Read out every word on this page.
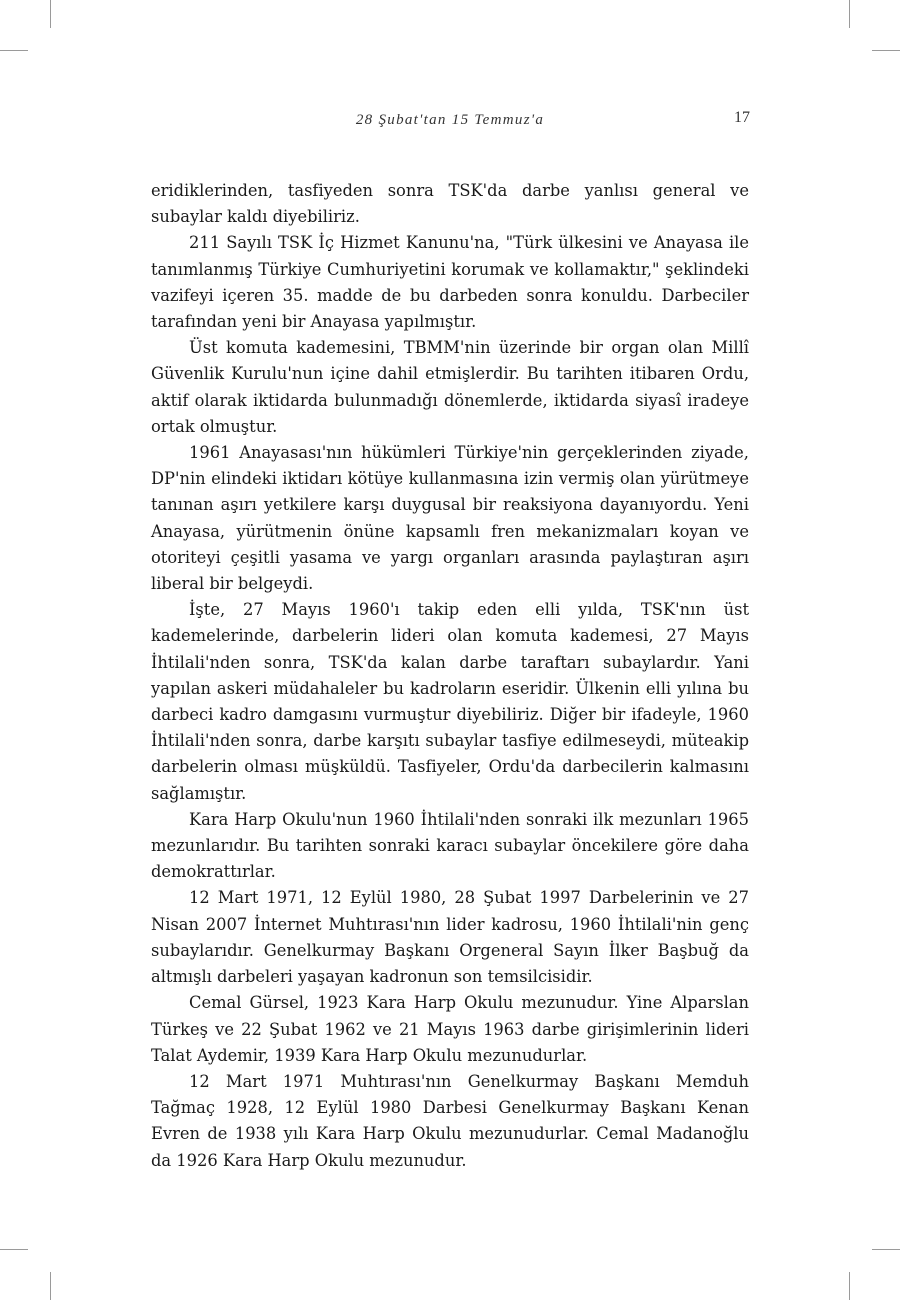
28 Şubat'tan 15 Temmuz'a	17

eridiklerinden, tasfiyeden sonra TSK'da darbe yanlısı general ve subaylar kaldı diyebiliriz.

211 Sayılı TSK İç Hizmet Kanunu'na, "Türk ülkesini ve Anayasa ile tanımlanmış Türkiye Cumhuriyetini korumak ve kollamaktır," şeklindeki vazifeyi içeren 35. madde de bu darbeden sonra konuldu. Darbeciler tarafından yeni bir Anayasa yapılmıştır.

Üst komuta kademesini, TBMM'nin üzerinde bir organ olan Millî Güvenlik Kurulu'nun içine dahil etmişlerdir. Bu tarihten itibaren Ordu, aktif olarak iktidarda bulunmadığı dönemlerde, iktidarda siyasî iradeye ortak olmuştur.

1961 Anayasası'nın hükümleri Türkiye'nin gerçeklerinden ziyade, DP'nin elindeki iktidarı kötüye kullanmasına izin vermiş olan yürütmeye tanınan aşırı yetkilere karşı duygusal bir reaksiyona dayanıyordu. Yeni Anayasa, yürütmenin önüne kapsamlı fren mekanizmaları koyan ve otoriteyi çeşitli yasama ve yargı organları arasında paylaştıran aşırı liberal bir belgeydi.

İşte, 27 Mayıs 1960'ı takip eden elli yılda, TSK'nın üst kademelerinde, darbelerin lideri olan komuta kademesi, 27 Mayıs İhtilali'nden sonra, TSK'da kalan darbe taraftarı subaylardır. Yani yapılan askeri müdahaleler bu kadroların eseridir. Ülkenin elli yılına bu darbeci kadro damgasını vurmuştur diyebiliriz. Diğer bir ifadeyle, 1960 İhtilali'nden sonra, darbe karşıtı subaylar tasfiye edilmeseydi, müteakip darbelerin olması müşküldü. Tasfiyeler, Ordu'da darbecilerin kalmasını sağlamıştır.

Kara Harp Okulu'nun 1960 İhtilali'nden sonraki ilk mezunları 1965 mezunlarıdır. Bu tarihten sonraki karacı subaylar öncekilere göre daha demokrattırlar.

12 Mart 1971, 12 Eylül 1980, 28 Şubat 1997 Darbelerinin ve 27 Nisan 2007 İnternet Muhtırası'nın lider kadrosu, 1960 İhtilali'nin genç subaylarıdır. Genelkurmay Başkanı Orgeneral Sayın İlker Başbuğ da altmışlı darbeleri yaşayan kadronun son temsilcisidir.

Cemal Gürsel, 1923 Kara Harp Okulu mezunudur. Yine Alparslan Türkeş ve 22 Şubat 1962 ve 21 Mayıs 1963 darbe girişimlerinin lideri Talat Aydemir, 1939 Kara Harp Okulu mezunudurlar.

12 Mart 1971 Muhtırası'nın Genelkurmay Başkanı Memduh Tağmaç 1928, 12 Eylül 1980 Darbesi Genelkurmay Başkanı Kenan Evren de 1938 yılı Kara Harp Okulu mezunudurlar. Cemal Madanoğlu da 1926 Kara Harp Okulu mezunudur.
